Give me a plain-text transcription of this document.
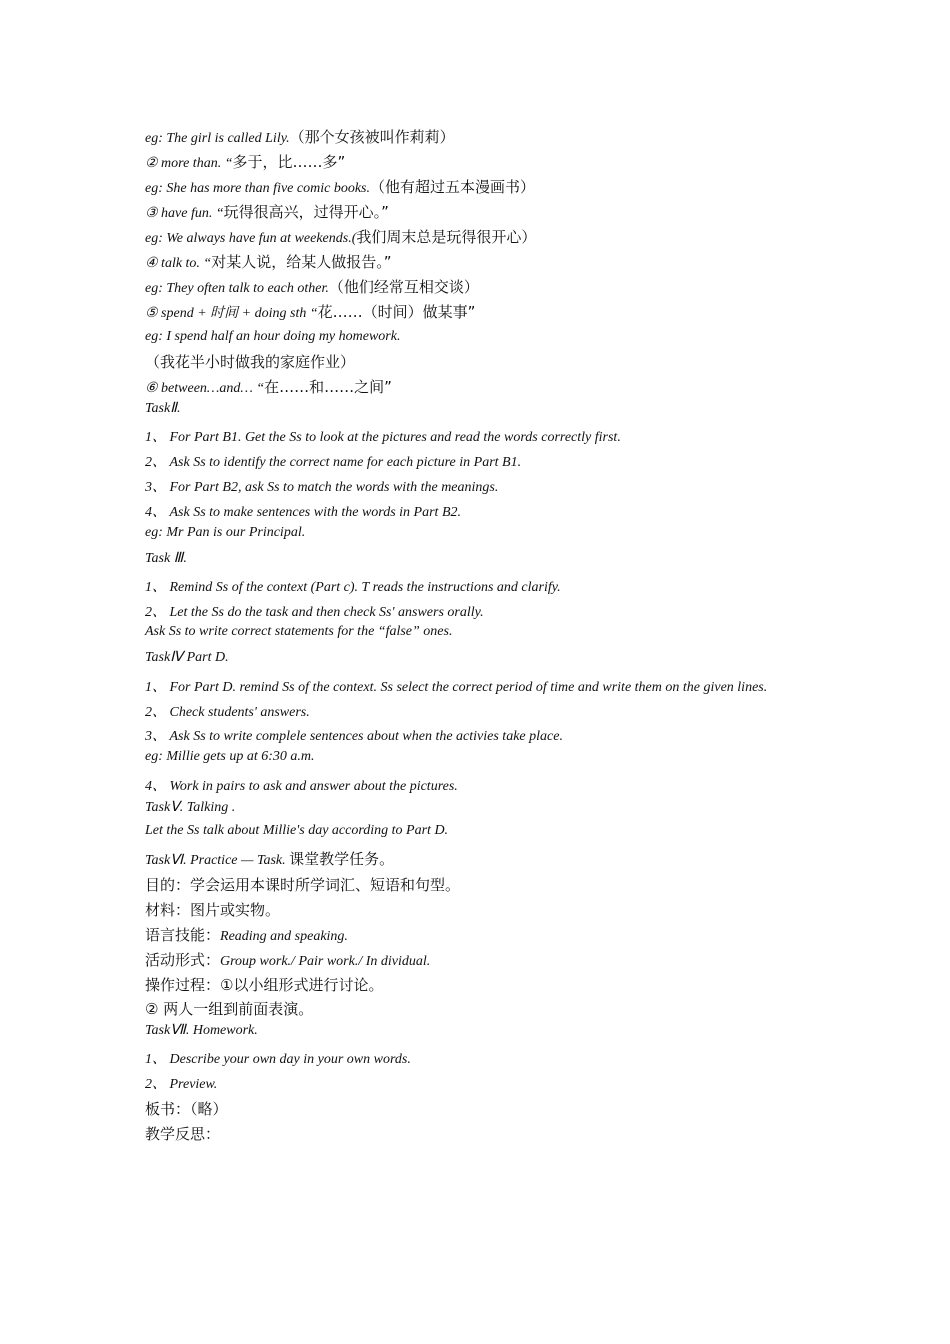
eg: The girl is called Lily.（那个女孩被叫作莉莉）
② more than. “多于，比……多”
eg: She has more than five comic books.（他有超过五本漫画书）
③ have fun. “玩得很高兴，过得开心。”
eg: We always have fun at weekends.(我们周末总是玩得很开心）
④ talk to. “对某人说，给某人做报告。”
eg: They often talk to each other.（他们经常互相交谈）
⑤ spend + 时间 + doing sth “花……（时间）做某事”
eg: I spend half an hour doing my homework.
（我花半小时做我的家庭作业）
⑥ between…and… “在……和……之间”
TaskⅡ.
1、 For Part B1. Get the Ss to look at the pictures and read the words correctly first.
2、 Ask Ss to identify the correct name for each picture in Part B1.
3、 For Part B2, ask Ss to match the words with the meanings.
4、 Ask Ss to make sentences with the words in Part B2.
eg: Mr Pan is our Principal.
Task Ⅲ.
1、 Remind Ss of the context (Part c). T reads the instructions and clarify.
2、 Let the Ss do the task and then check Ss' answers orally.
Ask Ss to write correct statements for the “false” ones.
TaskⅣ Part D.
1、 For Part D. remind Ss of the context. Ss select the correct period of time and write them on the given lines.
2、 Check students' answers.
3、 Ask Ss to write complele sentences about when the activies take place.
eg: Millie gets up at 6:30 a.m.
4、 Work in pairs to ask and answer about the pictures.
TaskⅤ. Talking .
Let the Ss talk about Millie's day according to Part D.
TaskⅥ. Practice — Task. 课堂教学任务。
目的：学会运用本课时所学词汇、短语和句型。
材料：图片或实物。
语言技能：Reading and speaking.
活动形式：Group work./ Pair work./ In dividual.
操作过程：①以小组形式进行讨论。
② 两人一组到前面表演。
TaskⅦ. Homework.
1、 Describe your own day in your own words.
2、 Preview.
板书：（略）
教学反思：
